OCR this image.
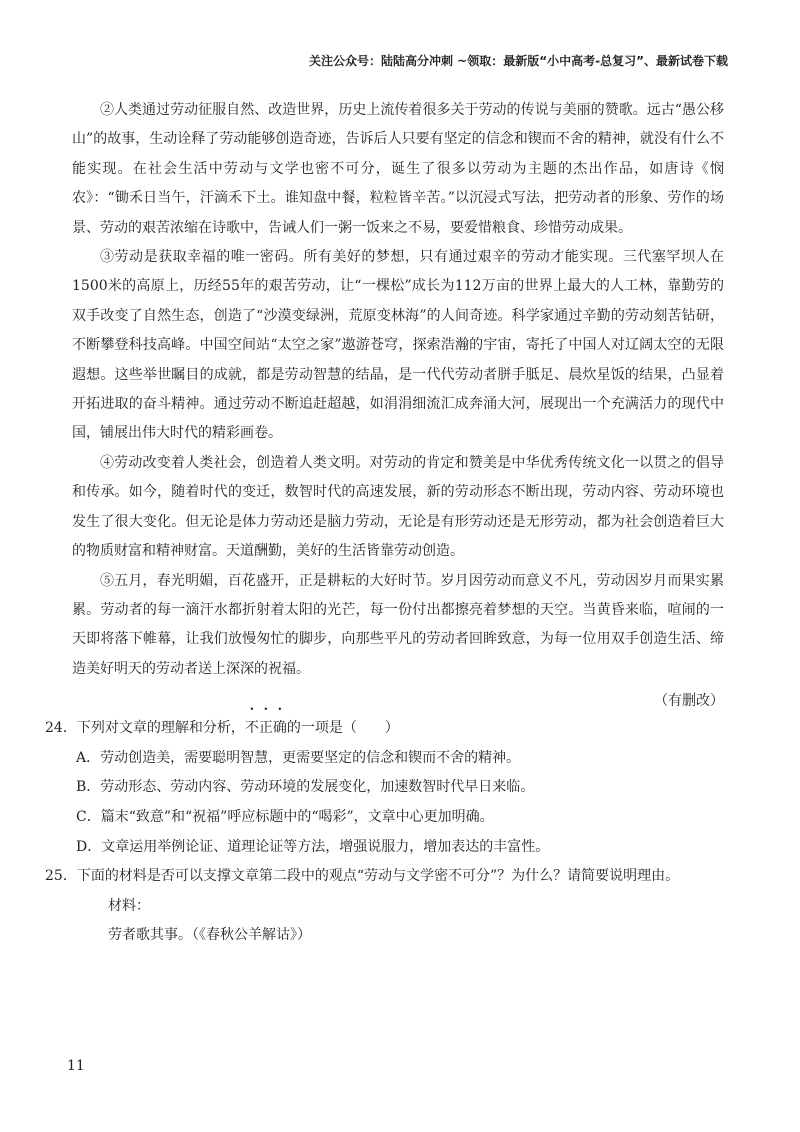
关注公众号：陆陆高分冲刺 ~领取：最新版“小中高考-总复习”、最新试卷下载

②人类通过劳动征服自然、改造世界，历史上流传着很多关于劳动的传说与美丽的赞歌。远古“愚公移山”的故事，生动诠释了劳动能够创造奇迹，告诉后人只要有坚定的信念和锲而不舍的精神，就没有什么不能实现。在社会生活中劳动与文学也密不可分，诞生了很多以劳动为主题的杰出作品，如唐诗《悯农》：“锄禾日当午，汗滴禾下土。谁知盘中餐，粒粒皆辛苦。”以沉浸式写法，把劳动者的形象、劳作的场景、劳动的艰苦浓缩在诗歌中，告诫人们一粥一饭来之不易，要爱惜粮食、珍惜劳动成果。

③劳动是获取幸福的唯一密码。所有美好的梦想，只有通过艰辛的劳动才能实现。三代塞罕坝人在1500米的高原上，历经55年的艰苦劳动，让“一棵松”成长为112万亩的世界上最大的人工林，靠勤劳的双手改变了自然生态，创造了“沙漠变绿洲，荒原变林海”的人间奇迹。科学家通过辛勤的劳动刻苦钻研，不断攀登科技高峰。中国空间站“太空之家”遨游苍穹，探索浩瀚的宇宙，寄托了中国人对辽阔太空的无限遐想。这些举世瞩目的成就，都是劳动智慧的结晶，是一代代劳动者胼手胝足、晨炊星饭的结果，凸显着开拓进取的奋斗精神。通过劳动不断追赶超越，如涓涓细流汇成奔涌大河，展现出一个充满活力的现代中国，铺展出伟大时代的精彩画卷。

④劳动改变着人类社会，创造着人类文明。对劳动的肯定和赞美是中华优秀传统文化一以贯之的倡导和传承。如今，随着时代的变迁，数智时代的高速发展，新的劳动形态不断出现，劳动内容、劳动环境也发生了很大变化。但无论是体力劳动还是脑力劳动，无论是有形劳动还是无形劳动，都为社会创造着巨大的物质财富和精神财富。天道酬勤，美好的生活皆靠劳动创造。

⑤五月，春光明媚，百花盛开，正是耕耘的大好时节。岁月因劳动而意义不凡，劳动因岁月而果实累累。劳动者的每一滴汗水都折射着太阳的光芒，每一份付出都擦亮着梦想的天空。当黄昏来临，喧闹的一天即将落下帷幕，让我们放慢匆忙的脚步，向那些平凡的劳动者回眸致意，为每一位用双手创造生活、缔造美好明天的劳动者送上深深的祝福。

（有删改）

24．下列对文章的理解和分析，不正确的一项是（　　）

A．劳动创造美，需要聪明智慧，更需要坚定的信念和锲而不舍的精神。

B．劳动形态、劳动内容、劳动环境的发展变化，加速数智时代早日来临。

C．篇末“致意”和“祝福”呼应标题中的“喝彩”，文章中心更加明确。

D．文章运用举例论证、道理论证等方法，增强说服力，增加表达的丰富性。

25．下面的材料是否可以支撑文章第二段中的观点“劳动与文学密不可分”？为什么？请简要说明理由。

材料：

劳者歌其事。（《春秋公羊解诂》）

11
